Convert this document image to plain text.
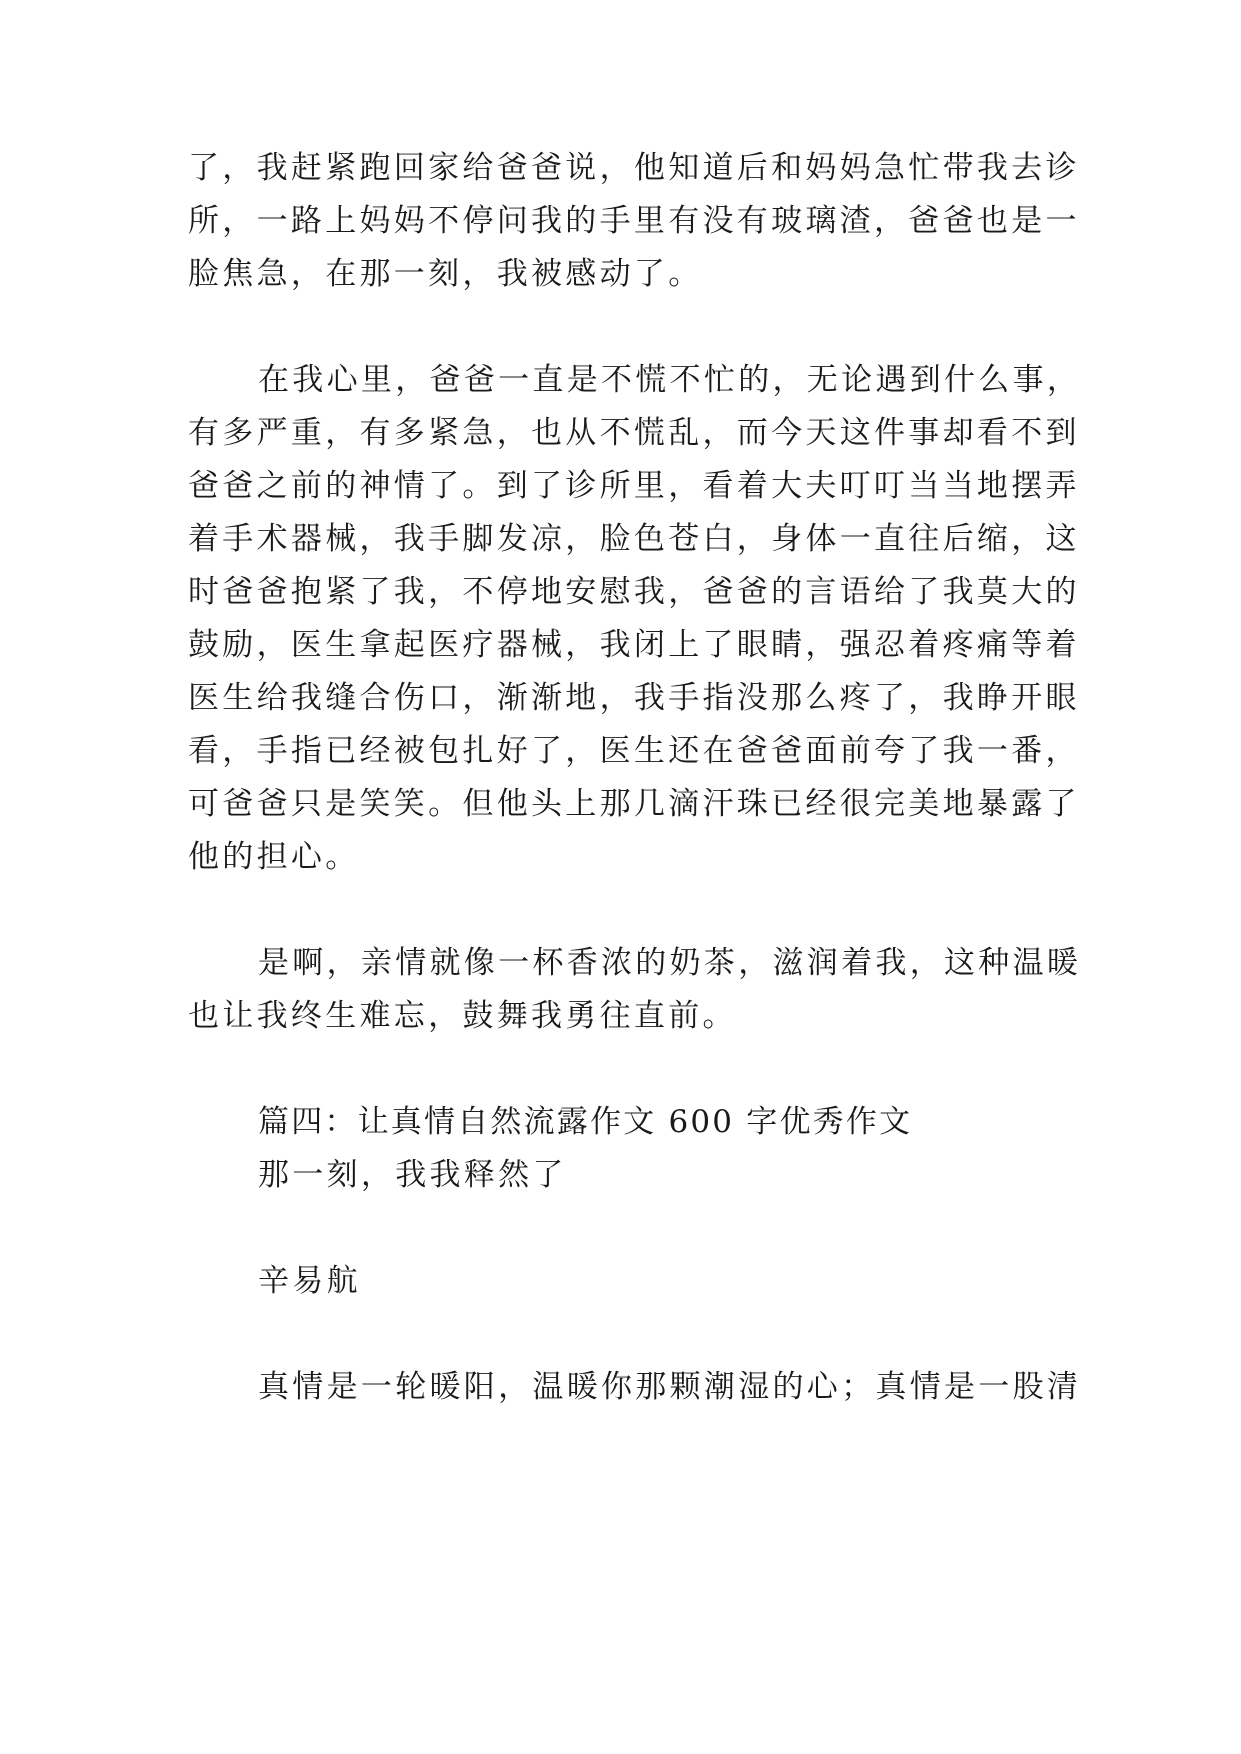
了，我赶紧跑回家给爸爸说，他知道后和妈妈急忙带我去诊
所，一路上妈妈不停问我的手里有没有玻璃渣，爸爸也是一
脸焦急，在那一刻，我被感动了。
在我心里，爸爸一直是不慌不忙的，无论遇到什么事，
有多严重，有多紧急，也从不慌乱，而今天这件事却看不到
爸爸之前的神情了。到了诊所里，看着大夫叮叮当当地摆弄
着手术器械，我手脚发凉，脸色苍白，身体一直往后缩，这
时爸爸抱紧了我，不停地安慰我，爸爸的言语给了我莫大的
鼓励，医生拿起医疗器械，我闭上了眼睛，强忍着疼痛等着
医生给我缝合伤口，渐渐地，我手指没那么疼了，我睁开眼
看，手指已经被包扎好了，医生还在爸爸面前夸了我一番，
可爸爸只是笑笑。但他头上那几滴汗珠已经很完美地暴露了
他的担心。
是啊，亲情就像一杯香浓的奶茶，滋润着我，这种温暖
也让我终生难忘，鼓舞我勇往直前。
篇四：让真情自然流露作文 600 字优秀作文
那一刻，我我释然了
辛易航
真情是一轮暖阳，温暖你那颗潮湿的心；真情是一股清
